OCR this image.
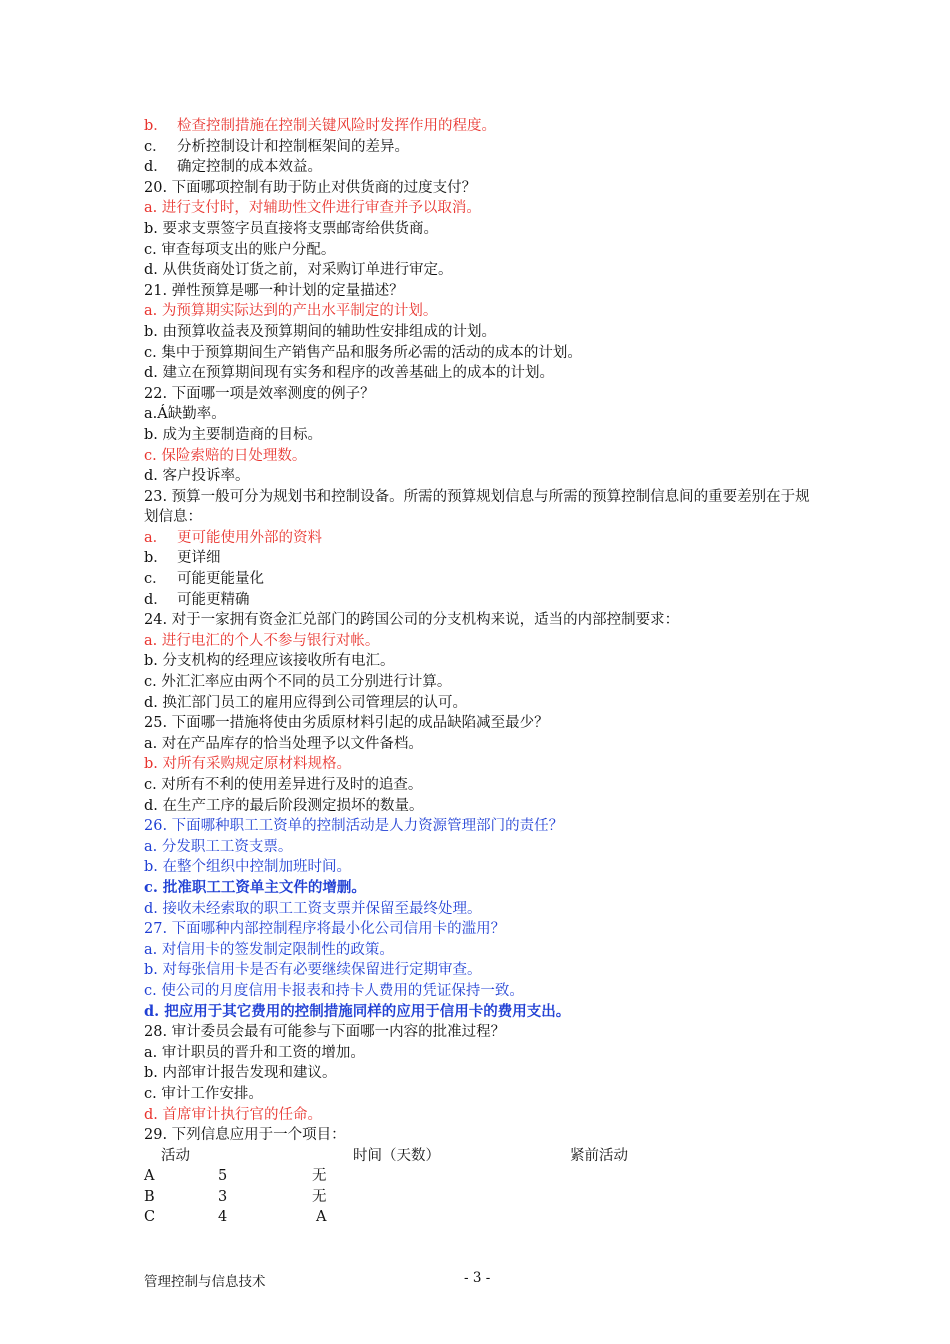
b． 检查控制措施在控制关键风险时发挥作用的程度。
c． 分析控制设计和控制框架间的差异。
d． 确定控制的成本效益。
20. 下面哪项控制有助于防止对供货商的过度支付？
a. 进行支付时，对辅助性文件进行审查并予以取消。
b. 要求支票签字员直接将支票邮寄给供货商。
c. 审查每项支出的账户分配。
d. 从供货商处订货之前，对采购订单进行审定。
21. 弹性预算是哪一种计划的定量描述？
a. 为预算期实际达到的产出水平制定的计划。
b. 由预算收益表及预算期间的辅助性安排组成的计划。
c. 集中于预算期间生产销售产品和服务所必需的活动的成本的计划。
d. 建立在预算期间现有实务和程序的改善基础上的成本的计划。
22. 下面哪一项是效率测度的例子？
a.Á缺勤率。
b. 成为主要制造商的目标。
c. 保险索赔的日处理数。
d. 客户投诉率。
23. 预算一般可分为规划书和控制设备。所需的预算规划信息与所需的预算控制信息间的重要差别在于规划信息：
a． 更可能使用外部的资料
b． 更详细
c． 可能更能量化
d． 可能更精确
24. 对于一家拥有资金汇兑部门的跨国公司的分支机构来说，适当的内部控制要求：
a. 进行电汇的个人不参与银行对帐。
b. 分支机构的经理应该接收所有电汇。
c. 外汇汇率应由两个不同的员工分别进行计算。
d. 换汇部门员工的雇用应得到公司管理层的认可。
25. 下面哪一措施将使由劣质原材料引起的成品缺陷减至最少？
a. 对在产品库存的恰当处理予以文件备档。
b. 对所有采购规定原材料规格。
c. 对所有不利的使用差异进行及时的追查。
d. 在生产工序的最后阶段测定损坏的数量。
26. 下面哪种职工工资单的控制活动是人力资源管理部门的责任？
a. 分发职工工资支票。
b. 在整个组织中控制加班时间。
c. 批准职工工资单主文件的增删。
d. 接收未经索取的职工工资支票并保留至最终处理。
27. 下面哪种内部控制程序将最小化公司信用卡的滥用？
a. 对信用卡的签发制定限制性的政策。
b. 对每张信用卡是否有必要继续保留进行定期审查。
c. 使公司的月度信用卡报表和持卡人费用的凭证保持一致。
d. 把应用于其它费用的控制措施同样的应用于信用卡的费用支出。
28. 审计委员会最有可能参与下面哪一内容的批准过程？
a. 审计职员的晋升和工资的增加。
b. 内部审计报告发现和建议。
c. 审计工作安排。
d. 首席审计执行官的任命。
29. 下列信息应用于一个项目：
活动	时间（天数）	紧前活动
A	5	无
B	3	无
C	4	A
管理控制与信息技术	- 3 -
